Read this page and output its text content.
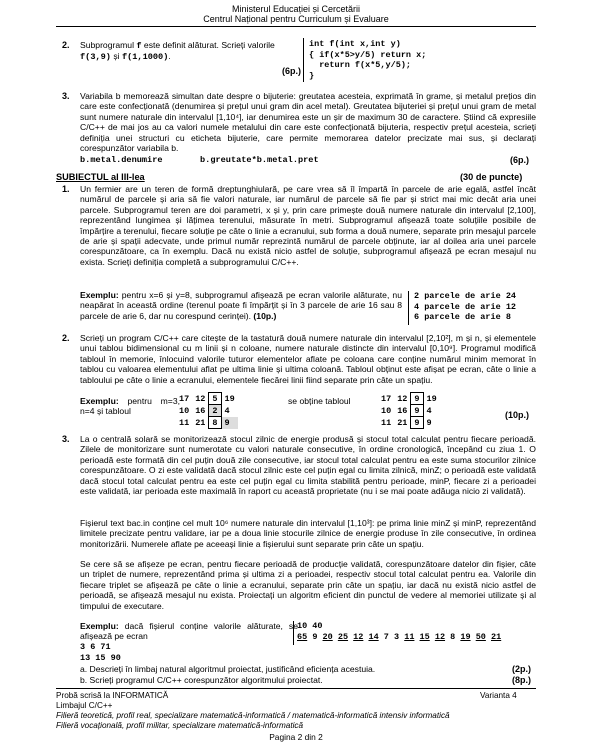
Ministerul Educației și Cercetării
Centrul Național pentru Curriculum și Evaluare
2. Subprogramul f este definit alăturat. Scrieți valorile
f(3,9) și f(1,1000).
(6p.)
int f(int x,int y)
{ if(x*5>y/5) return x;
return f(x*5,y/5);
}
3. Variabila b memorează simultan date despre o bijuterie: greutatea acesteia, exprimată în grame, și metalul prețios din care este confecționată (denumirea și prețul unui gram din acel metal). Greutatea bijuteriei și prețul unui gram de metal sunt numere naturale din intervalul [1,10⁴], iar denumirea este un șir de maximum 30 de caractere. Știind că expresiile C/C++ de mai jos au ca valori numele metalului din care este confecționată bijuteria, respectiv prețul acesteia, scrieți definiția unei structuri cu eticheta bijuterie, care permite memorarea datelor precizate mai sus, și declarați corespunzător variabila b.
b.metal.denumire	b.greutate*b.metal.pret	(6p.)
SUBIECTUL al III-lea	(30 de puncte)
1. Un fermier are un teren de formă dreptunghiulară, pe care vrea să îl împartă în parcele de arie egală, astfel încât numărul de parcele și aria să fie valori naturale, iar numărul de parcele să fie par și strict mai mic decât aria unei parcele. Subprogramul teren are doi parametri, x și y, prin care primește două numere naturale din intervalul [2,100], reprezentând lungimea și lățimea terenului, măsurate în metri. Subprogramul afișează toate soluțiile posibile de împărțire a terenului, fiecare soluție pe câte o linie a ecranului, sub forma a două numere, separate prin mesajul parcele de arie și spații adecvate, unde primul număr reprezintă numărul de parcele obținute, iar al doilea aria unei parcele corespunzătoare, ca în exemplu. Dacă nu există nicio astfel de soluție, subprogramul afișează pe ecran mesajul nu exista. Scrieți definiția completă a subprogramului C/C++.
Exemplu: pentru x=6 și y=8, subprogramul afișează pe ecran valorile alăturate, nu neapărat în această ordine (terenul poate fi împărțit și în 3 parcele de arie 16 sau 8 parcele de arie 6, dar nu corespund cerinței). (10p.)
2 parcele de arie 24
4 parcele de arie 12
6 parcele de arie 8
2. Scrieți un program C/C++ care citește de la tastatură două numere naturale din intervalul [2,10²], m și n, și elementele unui tablou bidimensional cu m linii și n coloane, numere naturale distincte din intervalul [0,10⁹]. Programul modifică tabloul în memorie, înlocuind valorile tuturor elementelor aflate pe coloana care conține numărul minim memorat în tablou cu valoarea elementului aflat pe ultima linie și ultima coloană. Tabloul obținut este afișat pe ecran, câte o linie a tabloului pe câte o linie a ecranului, elementele fiecărei linii fiind separate prin câte un spațiu.
Exemplu: pentru m=3, n=4 și tabloul
17	12	5	19
10	16	2	4
11	21	8	9
se obține tabloul	17	12	9	19
10	16	9	4
11	21	9	9
(10p.)
3. La o centrală solară se monitorizează stocul zilnic de energie produsă și stocul total calculat pentru fiecare perioadă. Zilele de monitorizare sunt numerotate cu valori naturale consecutive, în ordine cronologică, începând cu ziua 1. O perioadă este formată din cel puțin două zile consecutive, iar stocul total calculat pentru ea este suma stocurilor zilnice corespunzătoare. O zi este validată dacă stocul zilnic este cel puțin egal cu limita zilnică, minZ; o perioadă este validată dacă stocul total calculat pentru ea este cel puțin egal cu limita stabilită pentru perioade, minP, fiecare zi a perioadei este validată, iar perioada este maximală în raport cu această proprietate (nu i se mai poate adăuga nicio zi validată).
Fișierul text bac.in conține cel mult 10⁶ numere naturale din intervalul [1,10³]: pe prima linie minZ și minP, reprezentând limitele precizate pentru validare, iar pe a doua linie stocurile zilnice de energie produse în zile consecutive, în ordinea monitorizării. Numerele aflate pe aceeași linie a fișierului sunt separate prin câte un spațiu.
Se cere să se afișeze pe ecran, pentru fiecare perioadă de producție validată, corespunzătoare datelor din fișier, câte un triplet de numere, reprezentând prima și ultima zi a perioadei, respectiv stocul total calculat pentru ea. Valorile din fiecare triplet se afișează pe câte o linie a ecranului, separate prin câte un spațiu, iar dacă nu există nicio astfel de perioadă, se afișează mesajul nu exista. Proiectați un algoritm eficient din punctul de vedere al memoriei utilizate și al timpului de executare.
Exemplu: dacă fișierul conține valorile alăturate, se afișează pe ecran
10 40
65 9 20 25 12 14 7 3 11 15 12 8 19 50 21
3 6 71
13 15 90
a. Descrieți în limbaj natural algoritmul proiectat, justificând eficiența acestuia.	(2p.)
b. Scrieți programul C/C++ corespunzător algoritmului proiectat.	(8p.)
Probă scrisă la INFORMATICĂ	Varianta 4
Limbajul C/C++
Filieră teoretică, profil real, specializare matematică-informatică / matematică-informatică intensiv informatică
Filieră vocațională, profil militar, specializare matematică-informatică
Pagina 2 din 2
